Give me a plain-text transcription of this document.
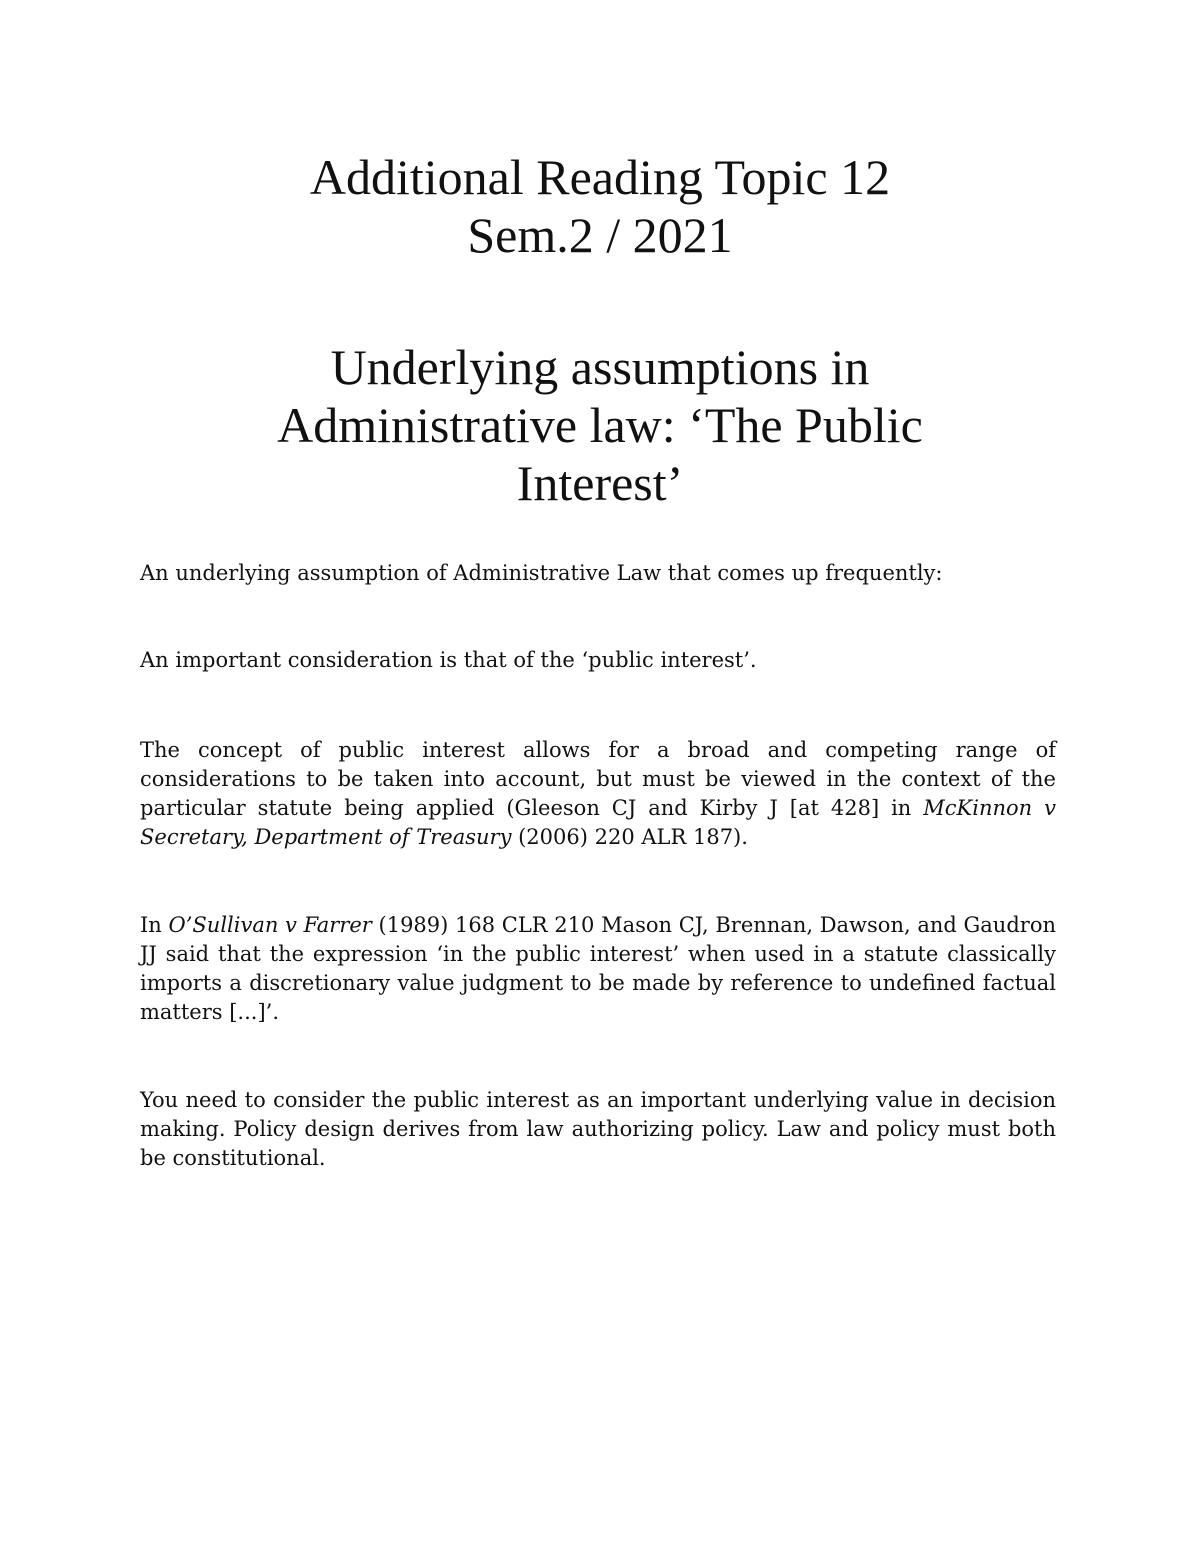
Additional Reading Topic 12
Sem.2 / 2021
Underlying assumptions in
Administrative law: ‘The Public
Interest’

An underlying assumption of Administrative Law that comes up frequently:

An important consideration is that of the ‘public interest’.

The concept of public interest allows for a broad and competing range of considerations to be taken into account, but must be viewed in the context of the particular statute being applied (Gleeson CJ and Kirby J [at 428] in McKinnon v Secretary, Department of Treasury (2006) 220 ALR 187).

In O’Sullivan v Farrer (1989) 168 CLR 210 Mason CJ, Brennan, Dawson, and Gaudron JJ said that the expression ‘in the public interest’ when used in a statute classically imports a discretionary value judgment to be made by reference to undefined factual matters [...]’.

You need to consider the public interest as an important underlying value in decision making. Policy design derives from law authorizing policy. Law and policy must both be constitutional.
